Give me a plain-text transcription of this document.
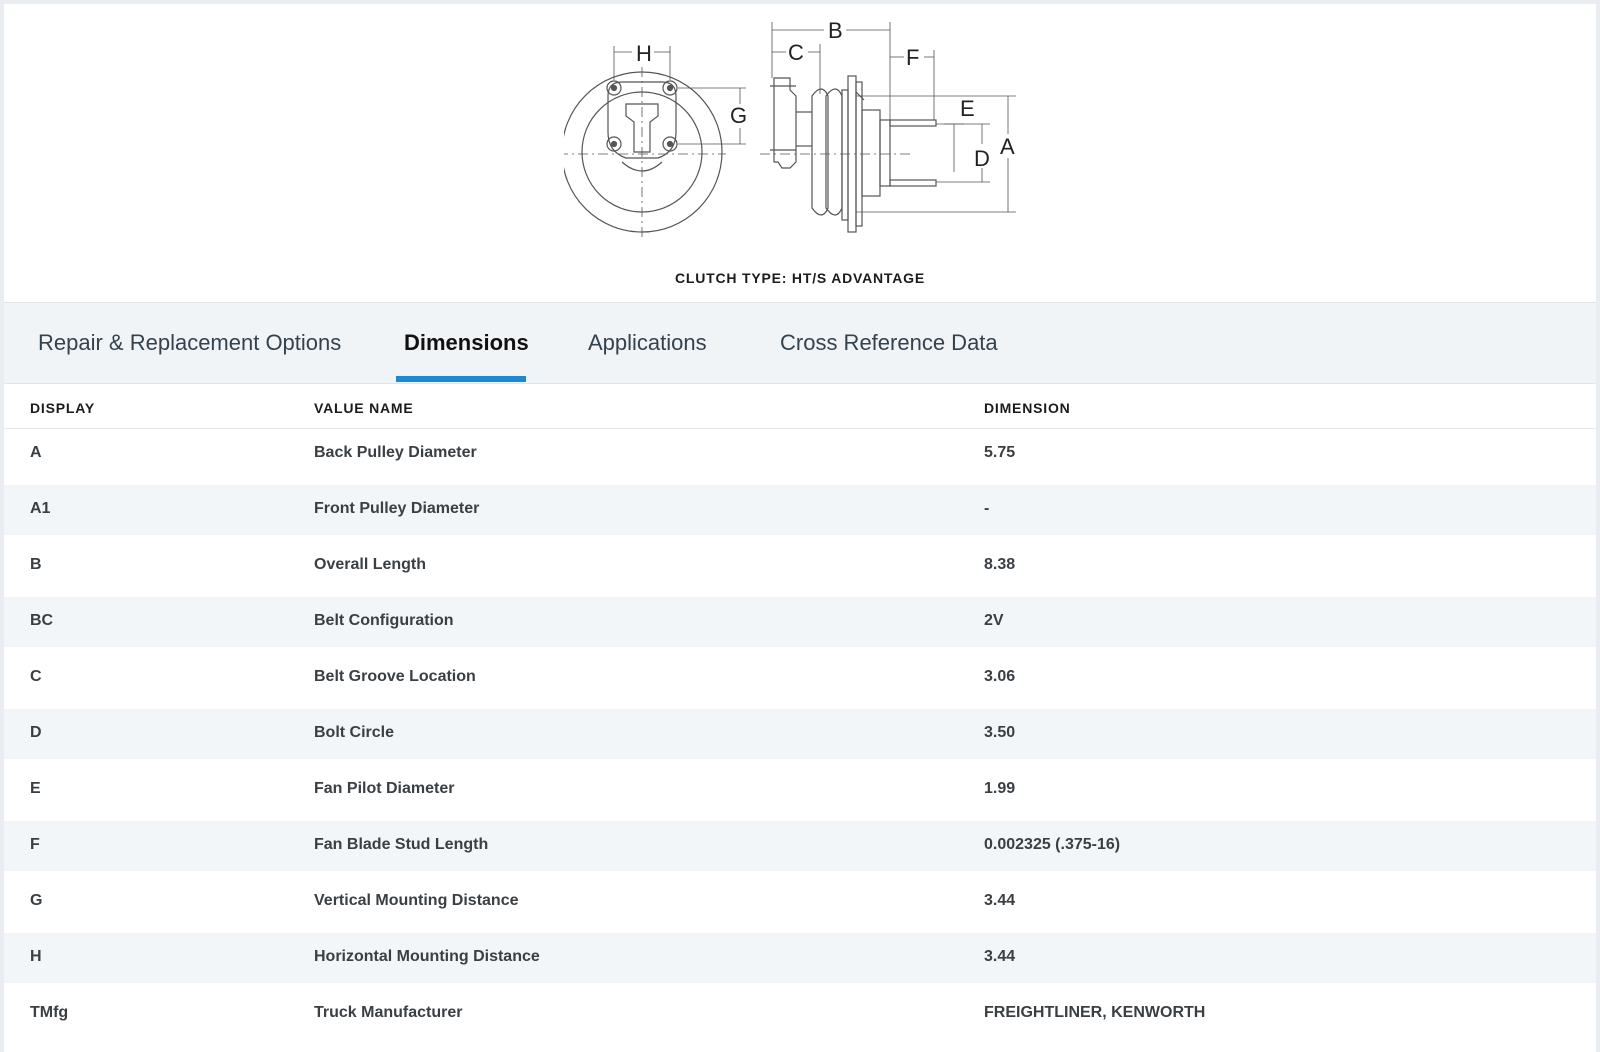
H
G
B
C	F
E
D A
CLUTCH TYPE: HT/S ADVANTAGE
Repair & Replacement Options	Dimensions	Applications	Cross Reference Data
DISPLAY	VALUE NAME	DIMENSION
A	Back Pulley Diameter	5.75
A1	Front Pulley Diameter	-
B	Overall Length	8.38
BC	Belt Configuration	2V
C	Belt Groove Location	3.06
D	Bolt Circle	3.50
E	Fan Pilot Diameter	1.99
F	Fan Blade Stud Length	0.002325 (.375-16)
G	Vertical Mounting Distance	3.44
H	Horizontal Mounting Distance	3.44
TMfg	Truck Manufacturer	FREIGHTLINER, KENWORTH
